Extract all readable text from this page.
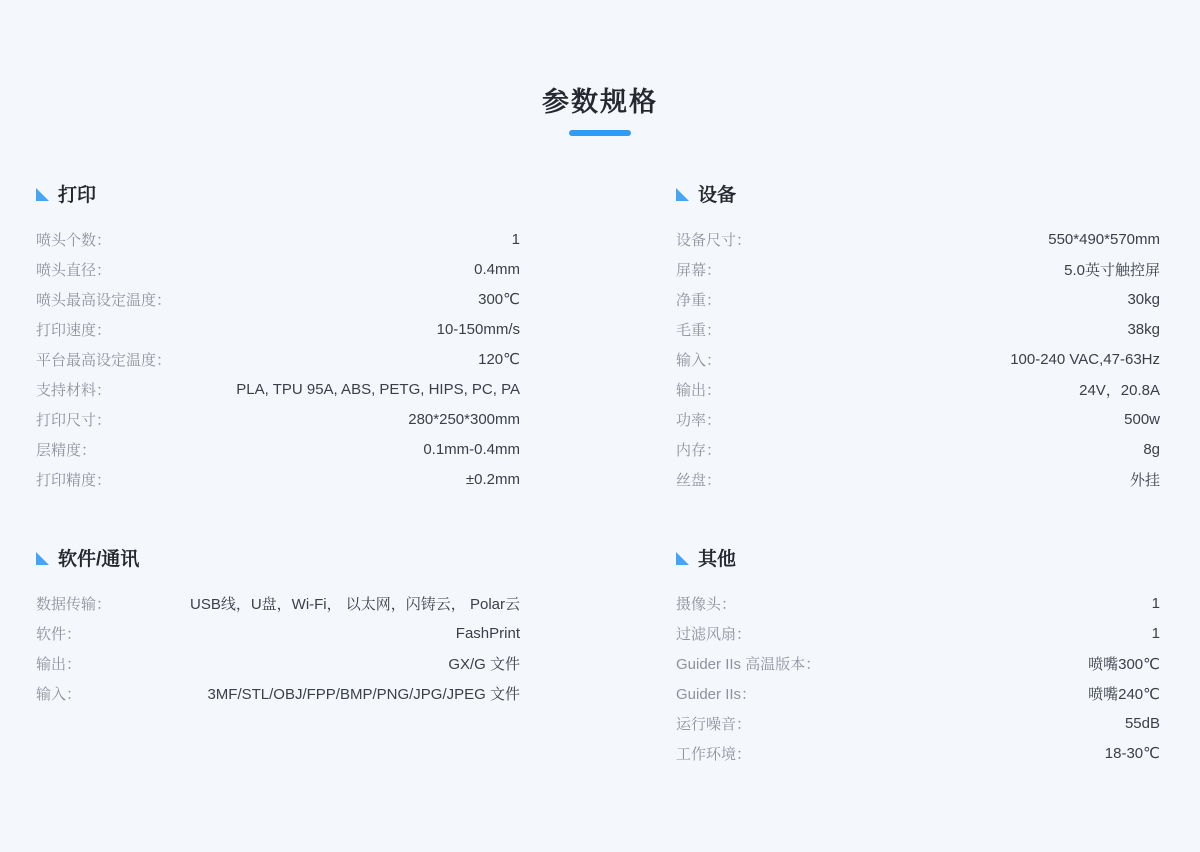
参数规格
打印
喷头个数：	1
喷头直径：	0.4mm
喷头最高设定温度：	300℃
打印速度：	10-150mm/s
平台最高设定温度：	120℃
支持材料：	PLA, TPU 95A, ABS, PETG, HIPS, PC, PA
打印尺寸：	280*250*300mm
层精度：	0.1mm-0.4mm
打印精度：	±0.2mm
设备
设备尺寸：	550*490*570mm
屏幕：	5.0英寸触控屏
净重：	30kg
毛重：	38kg
输入：	100-240 VAC,47-63Hz
输出：	24V，20.8A
功率：	500w
内存：	8g
丝盘：	外挂
软件/通讯
数据传输：	USB线，U盘，Wi-Fi， 以太网，闪铸云， Polar云
软件：	FashPrint
输出：	GX/G 文件
输入：	3MF/STL/OBJ/FPP/BMP/PNG/JPG/JPEG 文件
其他
摄像头：	1
过滤风扇：	1
Guider IIs 高温版本：	喷嘴300℃
Guider IIs：	喷嘴240℃
运行噪音：	55dB
工作环境：	18-30℃
